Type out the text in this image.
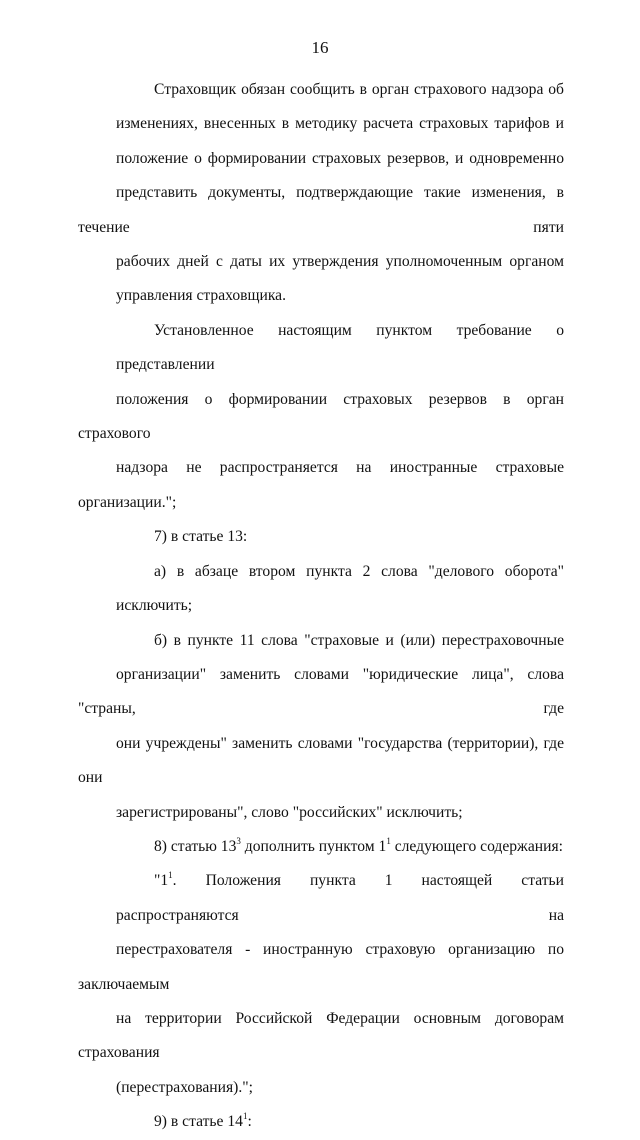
16
Страховщик обязан сообщить в орган страхового надзора об
изменениях, внесенных в методику расчета страховых тарифов и
положение о формировании страховых резервов, и одновременно
представить документы, подтверждающие такие изменения, в течение пяти
рабочих дней с даты их утверждения уполномоченным органом
управления страховщика.
Установленное настоящим пунктом требование о представлении
положения о формировании страховых резервов в орган страхового
надзора не распространяется на иностранные страховые организации.";
7) в статье 13:
а) в абзаце втором пункта 2 слова "делового оборота" исключить;
б) в пункте 11 слова "страховые и (или) перестраховочные
организации" заменить словами "юридические лица", слова "страны, где
они учреждены" заменить словами "государства (территории), где они
зарегистрированы", слово "российских" исключить;
8) статью $13^3$ дополнить пунктом $1^1$ следующего содержания:
"$1^1$. Положения пункта 1 настоящей статьи распространяются на
перестрахователя - иностранную страховую организацию по заключаемым
на территории Российской Федерации основным договорам страхования
(перестрахования).";
9) в статье $14^1$:
